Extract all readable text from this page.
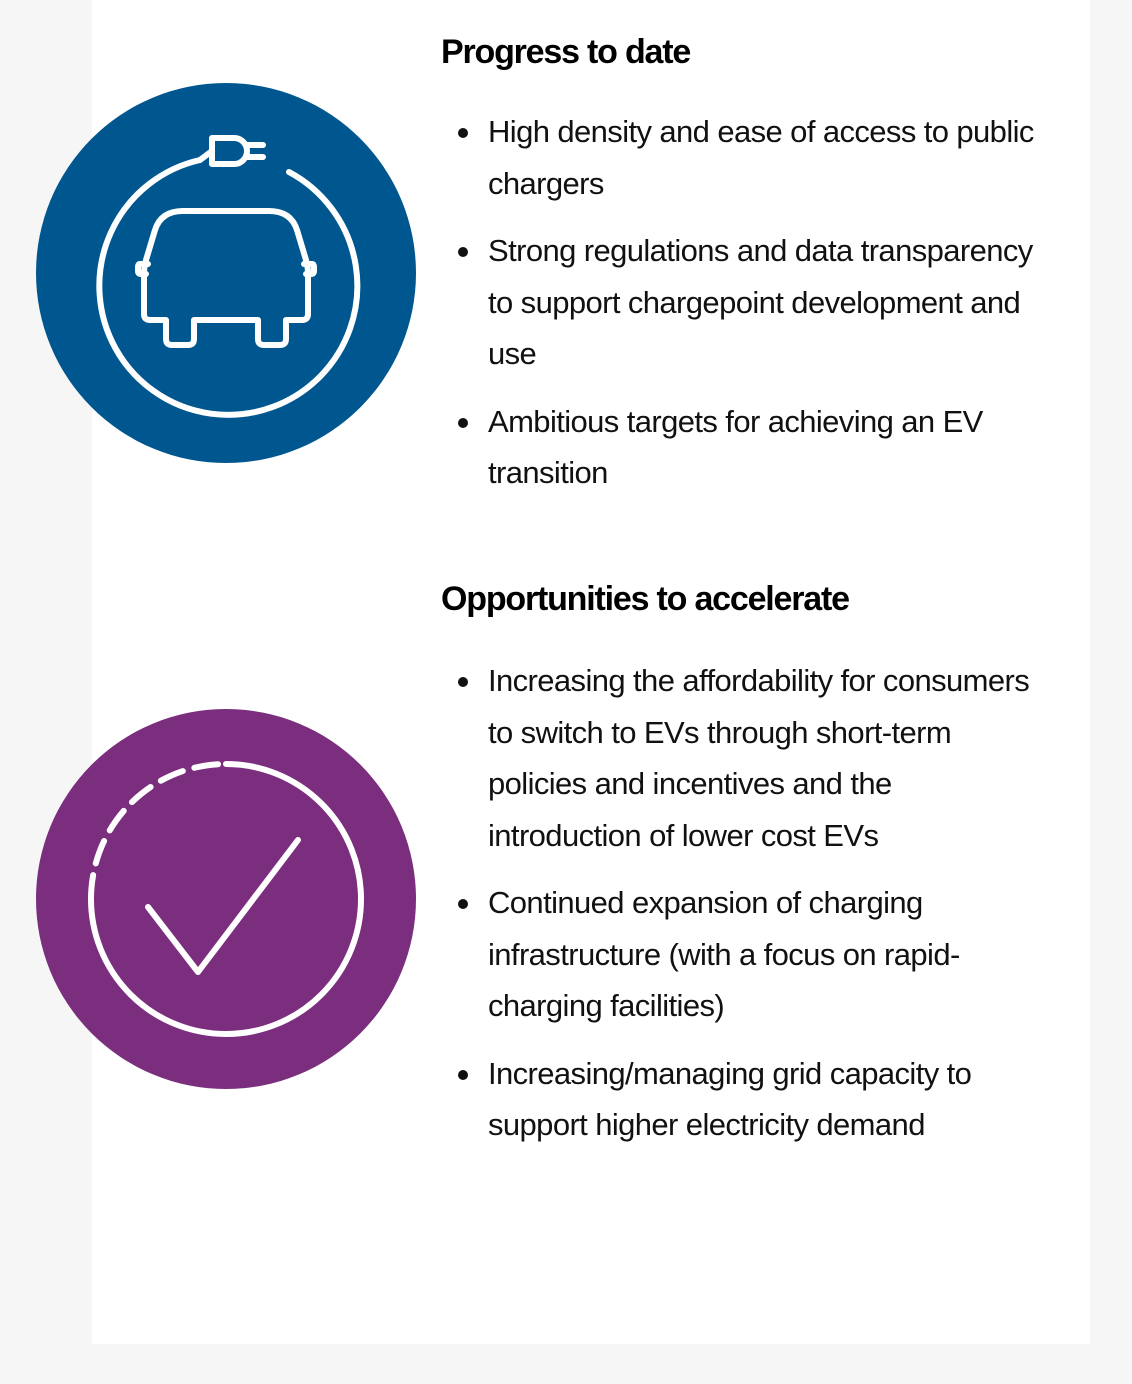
Progress to date
High density and ease of access to public chargers
Strong regulations and data transparency to support chargepoint development and use
Ambitious targets for achieving an EV transition
Opportunities to accelerate
Increasing the affordability for consumers to switch to EVs through short-term policies and incentives and the introduction of lower cost EVs
Continued expansion of charging infrastructure (with a focus on rapid-charging facilities)
Increasing/managing grid capacity to support higher electricity demand
